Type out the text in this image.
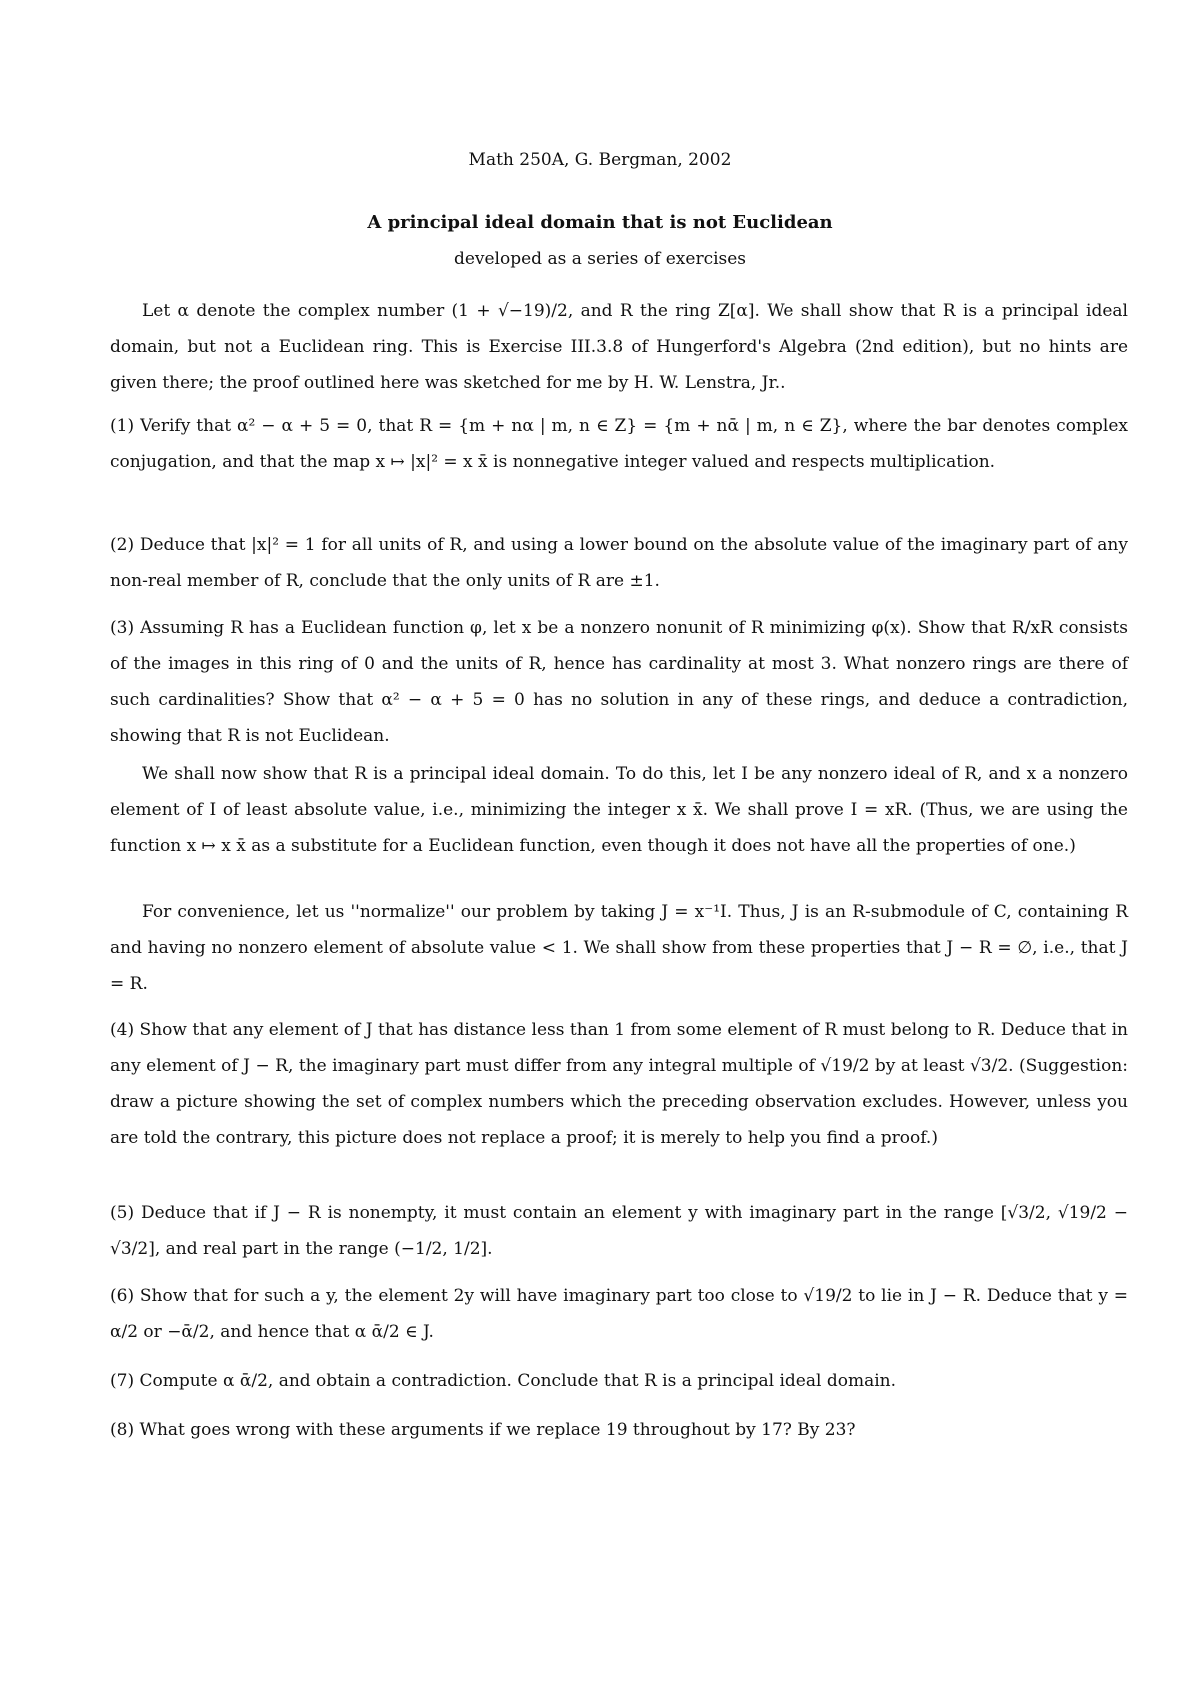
Math 250A, G. Bergman, 2002
A principal ideal domain that is not Euclidean
developed as a series of exercises

Let α denote the complex number (1 + √−19)/2, and R the ring Z[α]. We shall show that R is a principal ideal domain, but not a Euclidean ring. This is Exercise III.3.8 of Hungerford's Algebra (2nd edition), but no hints are given there; the proof outlined here was sketched for me by H. W. Lenstra, Jr..

(1) Verify that α² − α + 5 = 0, that R = {m + nα | m, n ∈ Z} = {m + nᾱ | m, n ∈ Z}, where the bar denotes complex conjugation, and that the map x ↦ |x|² = x x̄ is nonnegative integer valued and respects multiplication.

(2) Deduce that |x|² = 1 for all units of R, and using a lower bound on the absolute value of the imaginary part of any non-real member of R, conclude that the only units of R are ±1.

(3) Assuming R has a Euclidean function φ, let x be a nonzero nonunit of R minimizing φ(x). Show that R/xR consists of the images in this ring of 0 and the units of R, hence has cardinality at most 3. What nonzero rings are there of such cardinalities? Show that α² − α + 5 = 0 has no solution in any of these rings, and deduce a contradiction, showing that R is not Euclidean.

We shall now show that R is a principal ideal domain. To do this, let I be any nonzero ideal of R, and x a nonzero element of I of least absolute value, i.e., minimizing the integer x x̄. We shall prove I = xR. (Thus, we are using the function x ↦ x x̄ as a substitute for a Euclidean function, even though it does not have all the properties of one.)

For convenience, let us ''normalize'' our problem by taking J = x⁻¹I. Thus, J is an R-submodule of C, containing R and having no nonzero element of absolute value < 1. We shall show from these properties that J − R = ∅, i.e., that J = R.

(4) Show that any element of J that has distance less than 1 from some element of R must belong to R. Deduce that in any element of J − R, the imaginary part must differ from any integral multiple of √19/2 by at least √3/2. (Suggestion: draw a picture showing the set of complex numbers which the preceding observation excludes. However, unless you are told the contrary, this picture does not replace a proof; it is merely to help you find a proof.)

(5) Deduce that if J − R is nonempty, it must contain an element y with imaginary part in the range [√3/2, √19/2 − √3/2], and real part in the range (−1/2, 1/2].

(6) Show that for such a y, the element 2y will have imaginary part too close to √19/2 to lie in J − R. Deduce that y = α/2 or −ᾱ/2, and hence that α ᾱ/2 ∈ J.

(7) Compute α ᾱ/2, and obtain a contradiction. Conclude that R is a principal ideal domain.

(8) What goes wrong with these arguments if we replace 19 throughout by 17? By 23?
